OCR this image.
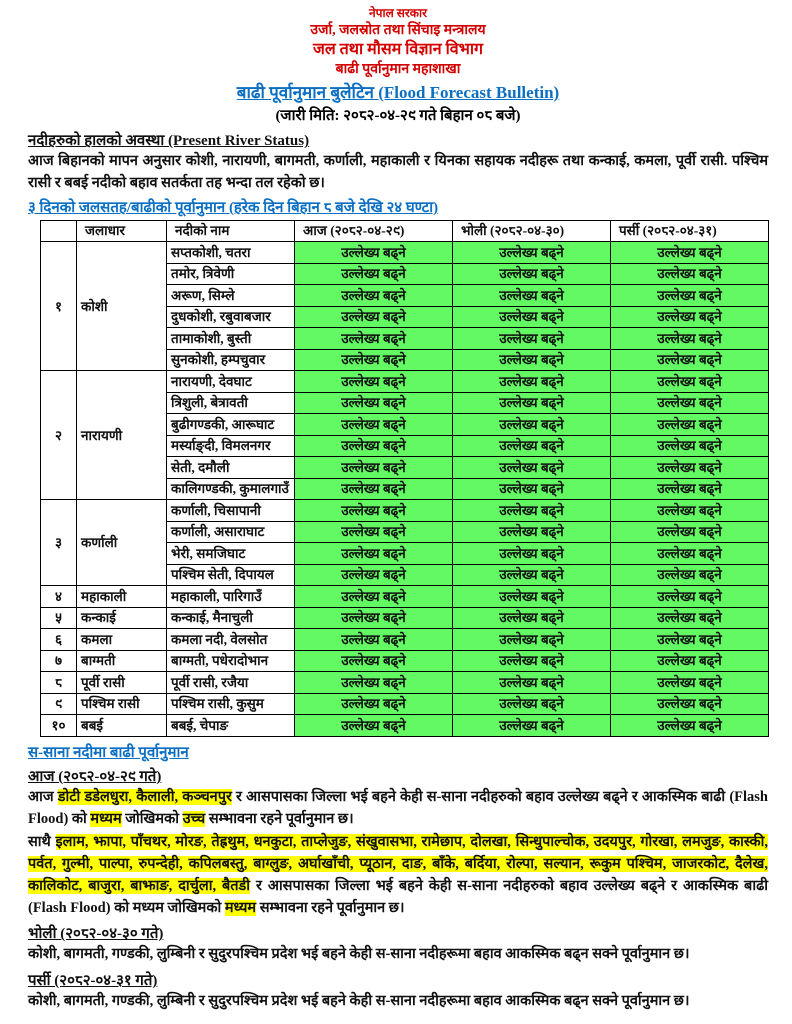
नेपाल सरकार
उर्जा, जलस्रोत तथा सिंचाइ मन्त्रालय
जल तथा मौसम विज्ञान विभाग
बाढी पूर्वानुमान महाशाखा
बाढी पूर्वानुमान बुलेटिन (Flood Forecast Bulletin)
(जारी मिति: २०८२-०४-२९ गते बिहान ०८ बजे)
नदीहरुको हालको अवस्था (Present River Status)

आज बिहानको मापन अनुसार कोशी, नारायणी, बागमती, कर्णाली, महाकाली र यिनका सहायक नदीहरू तथा कन्काई, कमला, पूर्वी रासी. पश्चिम रासी र बबई नदीको बहाव सतर्कता तह भन्दा तल रहेको छ।

३ दिनको जलसतह/बाढीको पूर्वानुमान (हरेक दिन बिहान ८ बजे देखि २४ घण्टा)
	जलाधार	नदीको नाम	आज (२०८२-०४-२९)	भोली (२०८२-०४-३०)	पर्सी (२०८२-०४-३१)
१	कोशी	सप्तकोशी, चतरा	उल्लेख्य बढ्ने	उल्लेख्य बढ्ने	उल्लेख्य बढ्ने
		तमोर, त्रिवेणी	उल्लेख्य बढ्ने	उल्लेख्य बढ्ने	उल्लेख्य बढ्ने
		अरूण, सिम्ले	उल्लेख्य बढ्ने	उल्लेख्य बढ्ने	उल्लेख्य बढ्ने
		दुधकोशी, रबुवाबजार	उल्लेख्य बढ्ने	उल्लेख्य बढ्ने	उल्लेख्य बढ्ने
		तामाकोशी, बुस्ती	उल्लेख्य बढ्ने	उल्लेख्य बढ्ने	उल्लेख्य बढ्ने
		सुनकोशी, हम्पचुवार	उल्लेख्य बढ्ने	उल्लेख्य बढ्ने	उल्लेख्य बढ्ने
२	नारायणी	नारायणी, देवघाट	उल्लेख्य बढ्ने	उल्लेख्य बढ्ने	उल्लेख्य बढ्ने
		त्रिशुली, बेत्रावती	उल्लेख्य बढ्ने	उल्लेख्य बढ्ने	उल्लेख्य बढ्ने
		बुढीगण्डकी, आरूघाट	उल्लेख्य बढ्ने	उल्लेख्य बढ्ने	उल्लेख्य बढ्ने
		मर्स्याङ्दी, विमलनगर	उल्लेख्य बढ्ने	उल्लेख्य बढ्ने	उल्लेख्य बढ्ने
		सेती, दमौली	उल्लेख्य बढ्ने	उल्लेख्य बढ्ने	उल्लेख्य बढ्ने
		कालिगण्डकी, कुमालगाउँ	उल्लेख्य बढ्ने	उल्लेख्य बढ्ने	उल्लेख्य बढ्ने
३	कर्णाली	कर्णाली, चिसापानी	उल्लेख्य बढ्ने	उल्लेख्य बढ्ने	उल्लेख्य बढ्ने
		कर्णाली, असाराघाट	उल्लेख्य बढ्ने	उल्लेख्य बढ्ने	उल्लेख्य बढ्ने
		भेरी, समजिघाट	उल्लेख्य बढ्ने	उल्लेख्य बढ्ने	उल्लेख्य बढ्ने
		पश्चिम सेती, दिपायल	उल्लेख्य बढ्ने	उल्लेख्य बढ्ने	उल्लेख्य बढ्ने
४	महाकाली	महाकाली, पारिगाउँ	उल्लेख्य बढ्ने	उल्लेख्य बढ्ने	उल्लेख्य बढ्ने
५	कन्काई	कन्काई, मैनाचुली	उल्लेख्य बढ्ने	उल्लेख्य बढ्ने	उल्लेख्य बढ्ने
६	कमला	कमला नदी, वेलसोत	उल्लेख्य बढ्ने	उल्लेख्य बढ्ने	उल्लेख्य बढ्ने
७	बाग्मती	बाग्मती, पधेरादोभान	उल्लेख्य बढ्ने	उल्लेख्य बढ्ने	उल्लेख्य बढ्ने
८	पूर्वी रासी	पूर्वी रासी, रजैया	उल्लेख्य बढ्ने	उल्लेख्य बढ्ने	उल्लेख्य बढ्ने
९	पश्चिम रासी	पश्चिम रासी, कुसुम	उल्लेख्य बढ्ने	उल्लेख्य बढ्ने	उल्लेख्य बढ्ने
१०	बबई	बबई, चेपाङ	उल्लेख्य बढ्ने	उल्लेख्य बढ्ने	उल्लेख्य बढ्ने
स-साना नदीमा बाढी पूर्वानुमान
आज (२०८२-०४-२९ गते)

आज डोटी डडेलधुरा, कैलाली, कञ्चनपुर र आसपासका जिल्ला भई बहने केही स-साना नदीहरुको बहाव उल्लेख्य बढ्ने र आकस्मिक बाढी (Flash Flood) को मध्यम जोखिमको उच्च सम्भावना रहने पूर्वानुमान छ।

साथै इलाम, झापा, पाँचथर, मोरङ, तेह्रथुम, धनकुटा, ताप्लेजुङ, संखुवासभा, रामेछाप, दोलखा, सिन्धुपाल्चोक, उदयपुर, गोरखा, लमजुङ, कास्की, पर्वत, गुल्मी, पाल्पा, रुपन्देही, कपिलबस्तु, बाग्लुङ, अर्घाखाँची, प्यूठान, दाङ, बाँके, बर्दिया, रोल्पा, सल्यान, रूकुम पश्चिम, जाजरकोट, दैलेख, कालिकोट, बाजुरा, बाझाङ, दार्चुला, बैतडी र आसपासका जिल्ला भई बहने केही स-साना नदीहरुको बहाव उल्लेख्य बढ्ने र आकस्मिक बाढी (Flash Flood) को मध्यम जोखिमको मध्यम सम्भावना रहने पूर्वानुमान छ।

भोली (२०८२-०४-३० गते)

कोशी, बागमती, गण्डकी, लुम्बिनी र सुदुरपश्चिम प्रदेश भई बहने केही स-साना नदीहरूमा बहाव आकस्मिक बढ्न सक्ने पूर्वानुमान छ।

पर्सी (२०८२-०४-३१ गते)

कोशी, बागमती, गण्डकी, लुम्बिनी र सुदुरपश्चिम प्रदेश भई बहने केही स-साना नदीहरूमा बहाव आकस्मिक बढ्न सक्ने पूर्वानुमान छ।
